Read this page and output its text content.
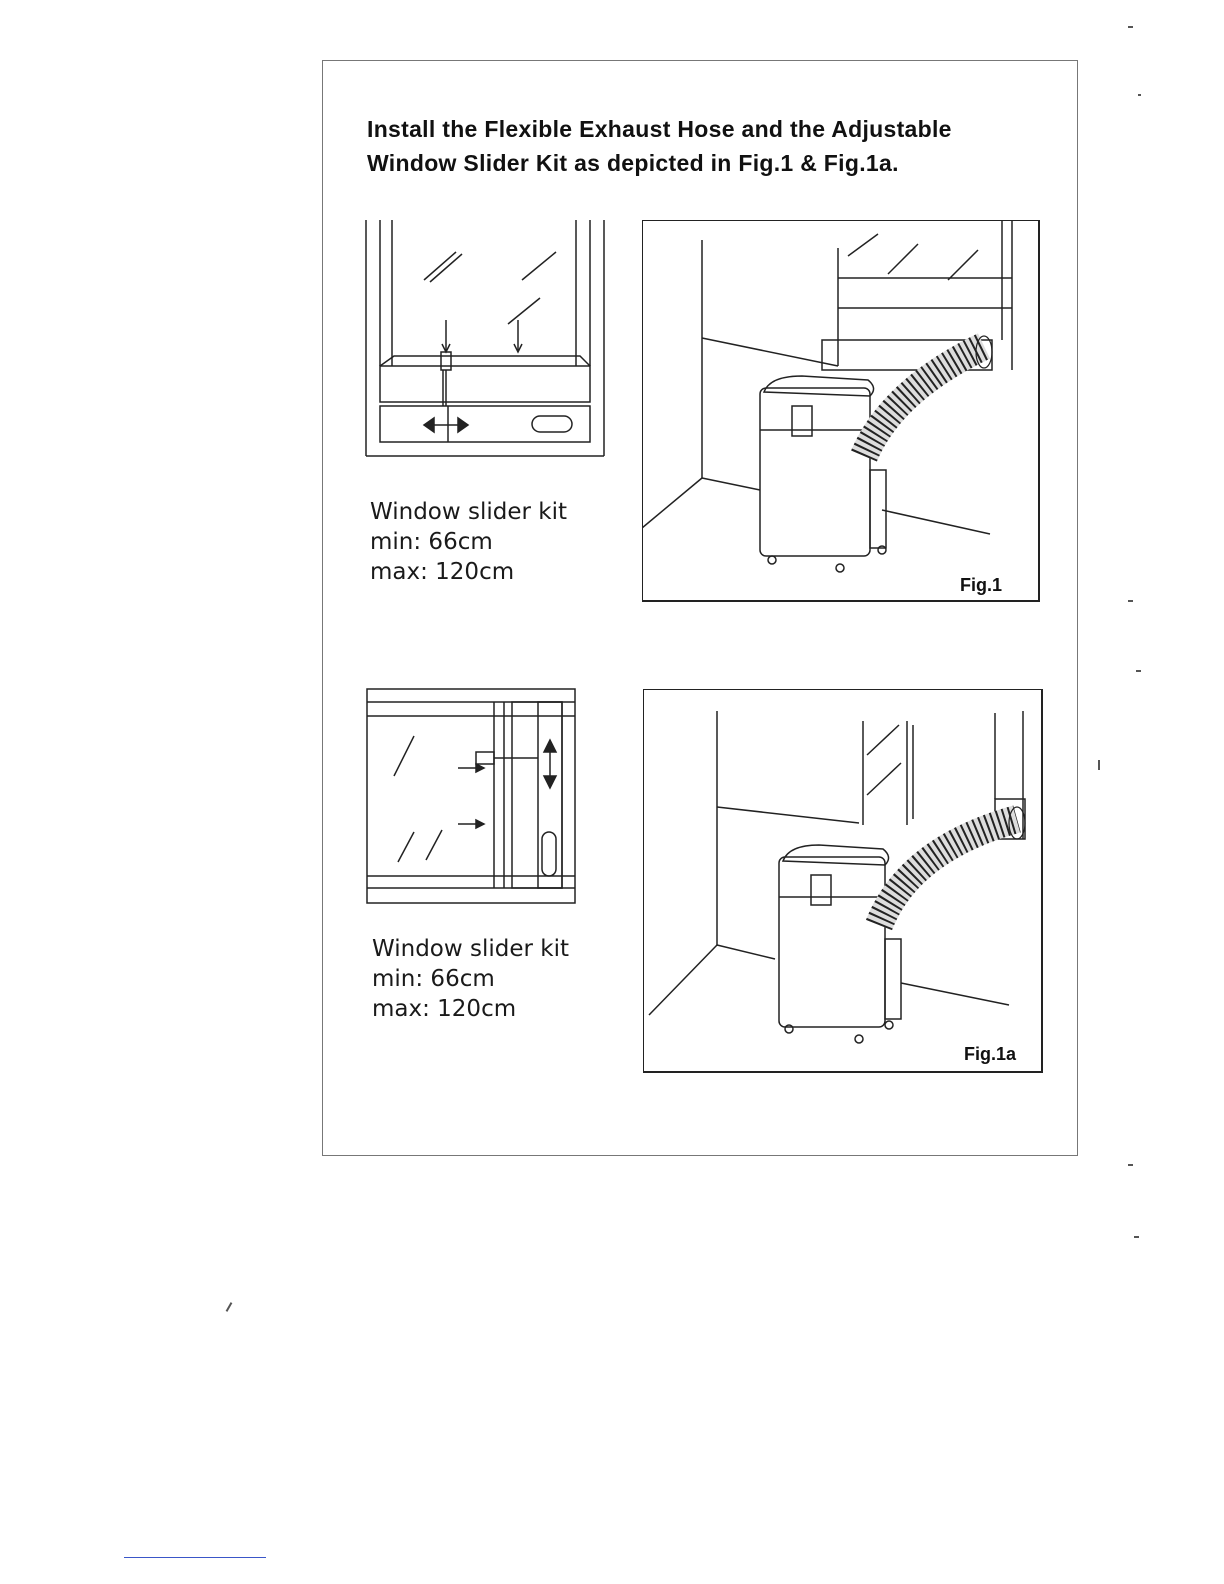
Install the Flexible Exhaust Hose and the Adjustable
Window Slider Kit as depicted in Fig.1 & Fig.1a.
Window slider kit
min: 66cm
max: 120cm	Fig.1
Window slider kit
min: 66cm
max: 120cm
Fig.1a
